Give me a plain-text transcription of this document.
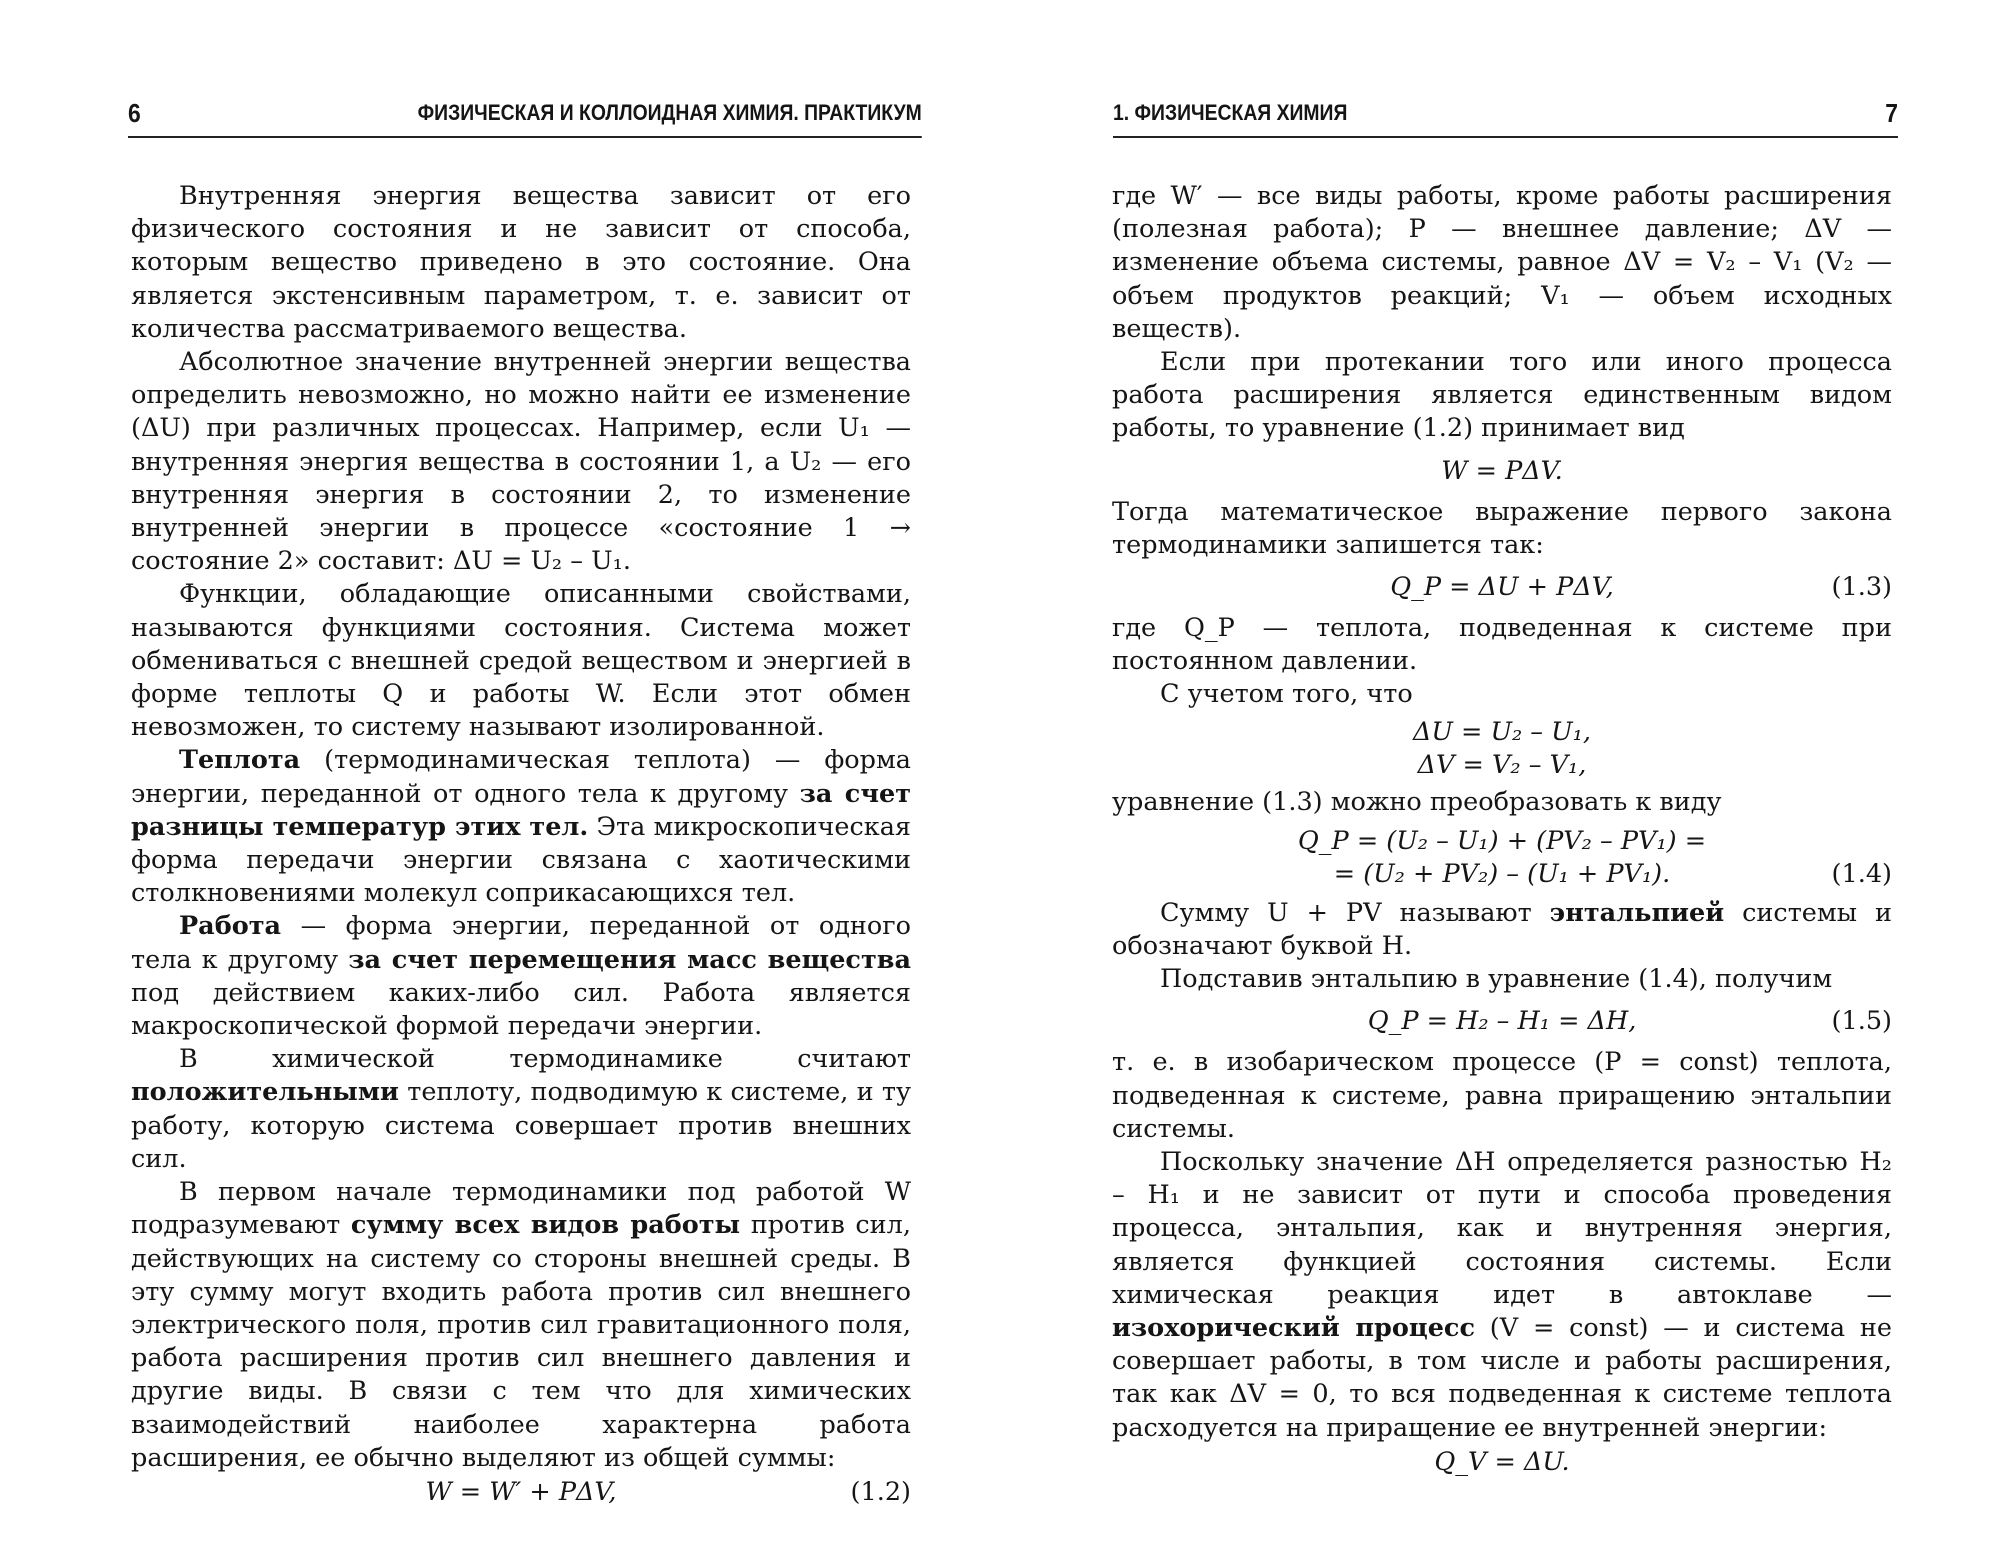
6	ФИЗИЧЕСКАЯ И КОЛЛОИДНАЯ ХИМИЯ. ПРАКТИКУМ

Внутренняя энергия вещества зависит от его физического состояния и не зависит от способа, которым вещество приведено в это состояние. Она является экстенсивным параметром, т. е. зависит от количества рассматриваемого вещества.

Абсолютное значение внутренней энергии вещества определить невозможно, но можно найти ее изменение (ΔU) при различных процессах. Например, если U₁ — внутренняя энергия вещества в состоянии 1, а U₂ — его внутренняя энергия в состоянии 2, то изменение внутренней энергии в процессе «состояние 1 → состояние 2» составит: ΔU = U₂ – U₁.

Функции, обладающие описанными свойствами, называются функциями состояния. Система может обмениваться с внешней средой веществом и энергией в форме теплоты Q и работы W. Если этот обмен невозможен, то систему называют изолированной.

Теплота (термодинамическая теплота) — форма энергии, переданной от одного тела к другому за счет разницы температур этих тел. Эта микроскопическая форма передачи энергии связана с хаотическими столкновениями молекул соприкасающихся тел.

Работа — форма энергии, переданной от одного тела к другому за счет перемещения масс вещества под действием каких-либо сил. Работа является макроскопической формой передачи энергии.

В химической термодинамике считают положительными теплоту, подводимую к системе, и ту работу, которую система совершает против внешних сил.

В первом начале термодинамики под работой W подразумевают сумму всех видов работы против сил, действующих на систему со стороны внешней среды. В эту сумму могут входить работа против сил внешнего электрического поля, против сил гравитационного поля, работа расширения против сил внешнего давления и другие виды. В связи с тем что для химических взаимодействий наиболее характерна работа расширения, ее обычно выделяют из общей суммы:

W = W′ + PΔV,	(1.2)
1. ФИЗИЧЕСКАЯ ХИМИЯ	7

где W′ — все виды работы, кроме работы расширения (полезная работа); P — внешнее давление; ΔV — изменение объема системы, равное ΔV = V₂ – V₁ (V₂ — объем продуктов реакций; V₁ — объем исходных веществ).

Если при протекании того или иного процесса работа расширения является единственным видом работы, то уравнение (1.2) принимает вид

W = PΔV.

Тогда математическое выражение первого закона термодинамики запишется так:

Q_P = ΔU + PΔV,	(1.3)

где Q_P — теплота, подведенная к системе при постоянном давлении.

С учетом того, что

ΔU = U₂ – U₁,
ΔV = V₂ – V₁,

уравнение (1.3) можно преобразовать к виду

Q_P = (U₂ – U₁) + (PV₂ – PV₁) =
= (U₂ + PV₂) – (U₁ + PV₁).	(1.4)

Сумму U + PV называют энтальпией системы и обозначают буквой H.

Подставив энтальпию в уравнение (1.4), получим

Q_P = H₂ – H₁ = ΔH,	(1.5)

т. е. в изобарическом процессе (P = const) теплота, подведенная к системе, равна приращению энтальпии системы.

Поскольку значение ΔH определяется разностью H₂ – H₁ и не зависит от пути и способа проведения процесса, энтальпия, как и внутренняя энергия, является функцией состояния системы. Если химическая реакция идет в автоклаве — изохорический процесс (V = const) — и система не совершает работы, в том числе и работы расширения, так как ΔV = 0, то вся подведенная к системе теплота расходуется на приращение ее внутренней энергии:

Q_V = ΔU.
